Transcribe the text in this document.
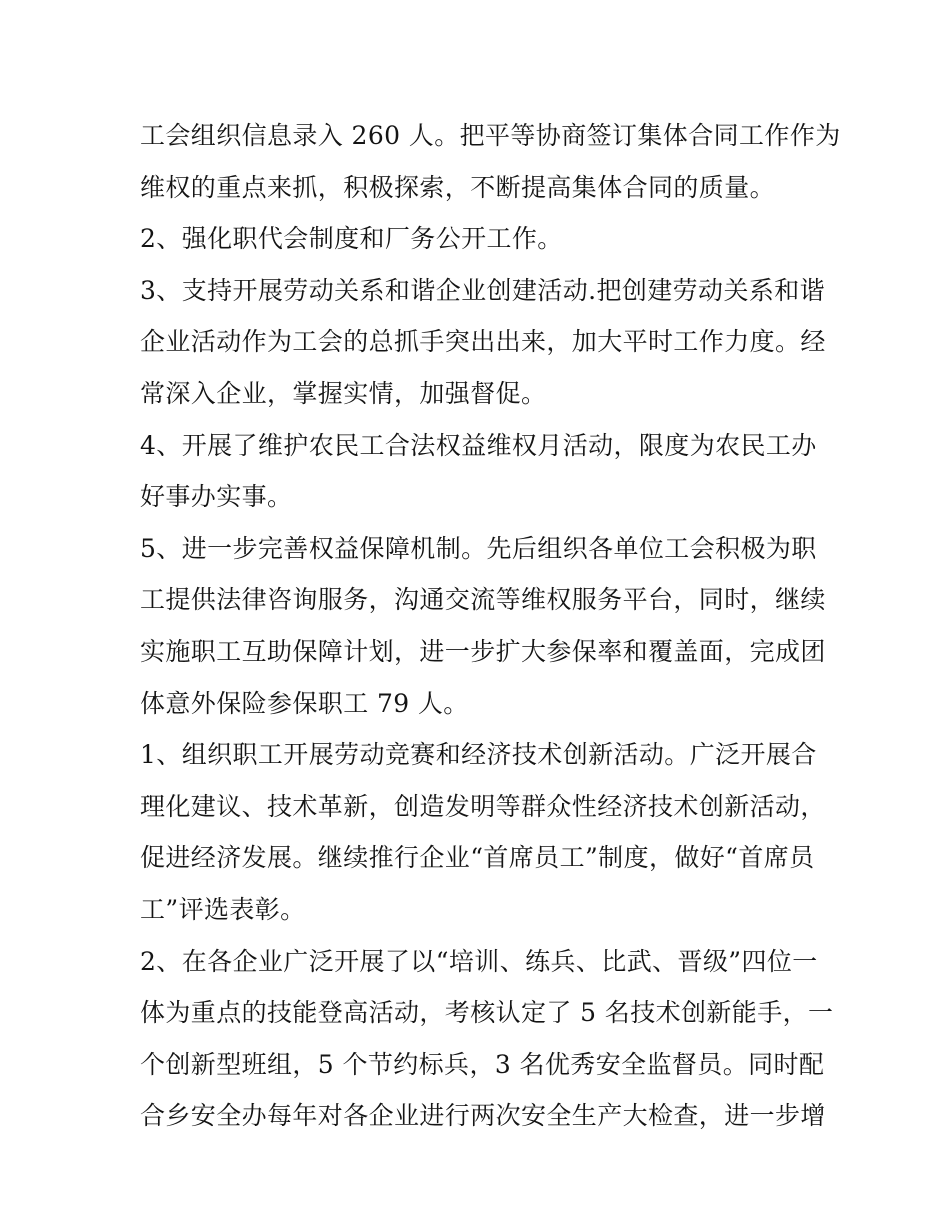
工会组织信息录入 260 人。把平等协商签订集体合同工作作为
维权的重点来抓，积极探索，不断提高集体合同的质量。
2、强化职代会制度和厂务公开工作。
3、支持开展劳动关系和谐企业创建活动.把创建劳动关系和谐
企业活动作为工会的总抓手突出出来，加大平时工作力度。经
常深入企业，掌握实情，加强督促。
4、开展了维护农民工合法权益维权月活动，限度为农民工办
好事办实事。
5、进一步完善权益保障机制。先后组织各单位工会积极为职
工提供法律咨询服务，沟通交流等维权服务平台，同时，继续
实施职工互助保障计划，进一步扩大参保率和覆盖面，完成团
体意外保险参保职工 79 人。
1、组织职工开展劳动竞赛和经济技术创新活动。广泛开展合
理化建议、技术革新，创造发明等群众性经济技术创新活动，
促进经济发展。继续推行企业“首席员工”制度，做好“首席员
工”评选表彰。
2、在各企业广泛开展了以“培训、练兵、比武、晋级”四位一
体为重点的技能登高活动，考核认定了 5 名技术创新能手，一
个创新型班组，5 个节约标兵，3 名优秀安全监督员。同时配
合乡安全办每年对各企业进行两次安全生产大检查，进一步增
